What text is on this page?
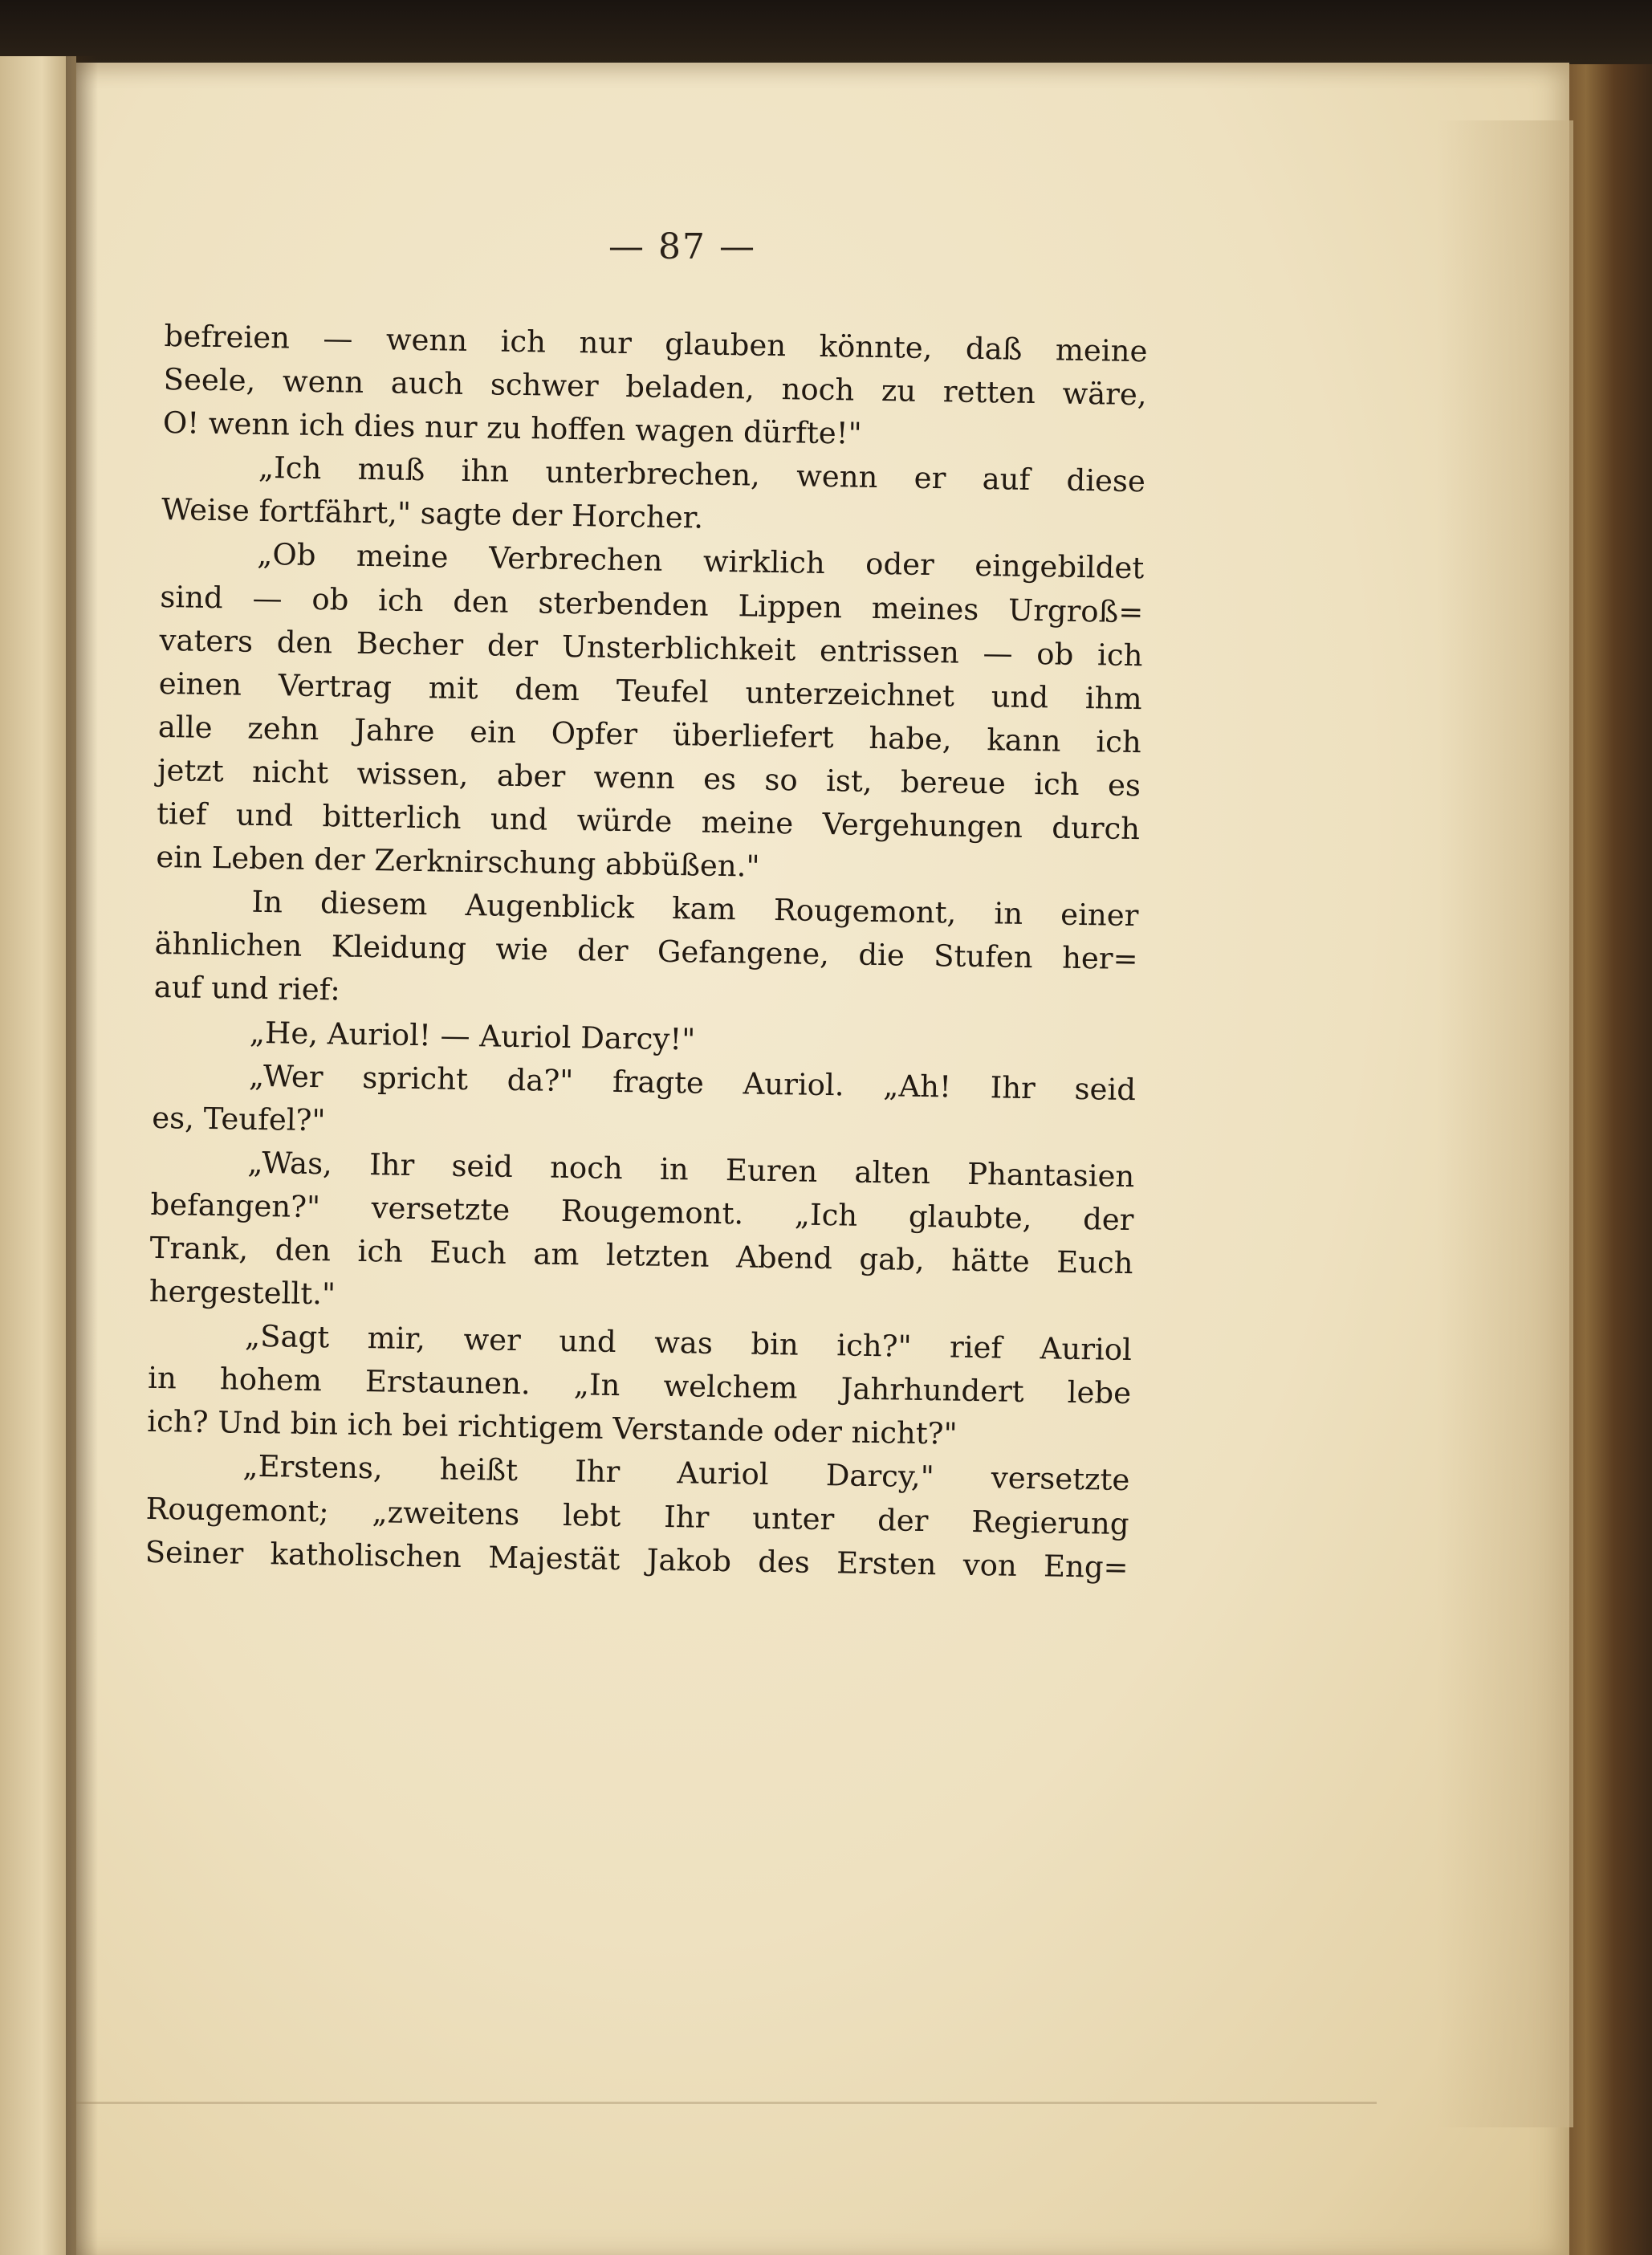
— 87 —
befreien — wenn ich nur glauben könnte, daß meine
Seele, wenn auch schwer beladen, noch zu retten wäre,
O! wenn ich dies nur zu hoffen wagen dürfte!"
„Ich muß ihn unterbrechen, wenn er auf diese
Weise fortfährt," sagte der Horcher.
„Ob meine Verbrechen wirklich oder eingebildet
sind — ob ich den sterbenden Lippen meines Urgroß=
vaters den Becher der Unsterblichkeit entrissen — ob ich
einen Vertrag mit dem Teufel unterzeichnet und ihm
alle zehn Jahre ein Opfer überliefert habe, kann ich
jetzt nicht wissen, aber wenn es so ist, bereue ich es
tief und bitterlich und würde meine Vergehungen durch
ein Leben der Zerknirschung abbüßen."
In diesem Augenblick kam Rougemont, in einer
ähnlichen Kleidung wie der Gefangene, die Stufen her=
auf und rief:
„He, Auriol! — Auriol Darcy!"
„Wer spricht da?" fragte Auriol. „Ah! Ihr seid
es, Teufel?"
„Was, Ihr seid noch in Euren alten Phantasien
befangen?" versetzte Rougemont. „Ich glaubte, der
Trank, den ich Euch am letzten Abend gab, hätte Euch
hergestellt."
„Sagt mir, wer und was bin ich?" rief Auriol
in hohem Erstaunen. „In welchem Jahrhundert lebe
ich? Und bin ich bei richtigem Verstande oder nicht?"
„Erstens, heißt Ihr Auriol Darcy," versetzte
Rougemont; „zweitens lebt Ihr unter der Regierung
Seiner katholischen Majestät Jakob des Ersten von Eng=
